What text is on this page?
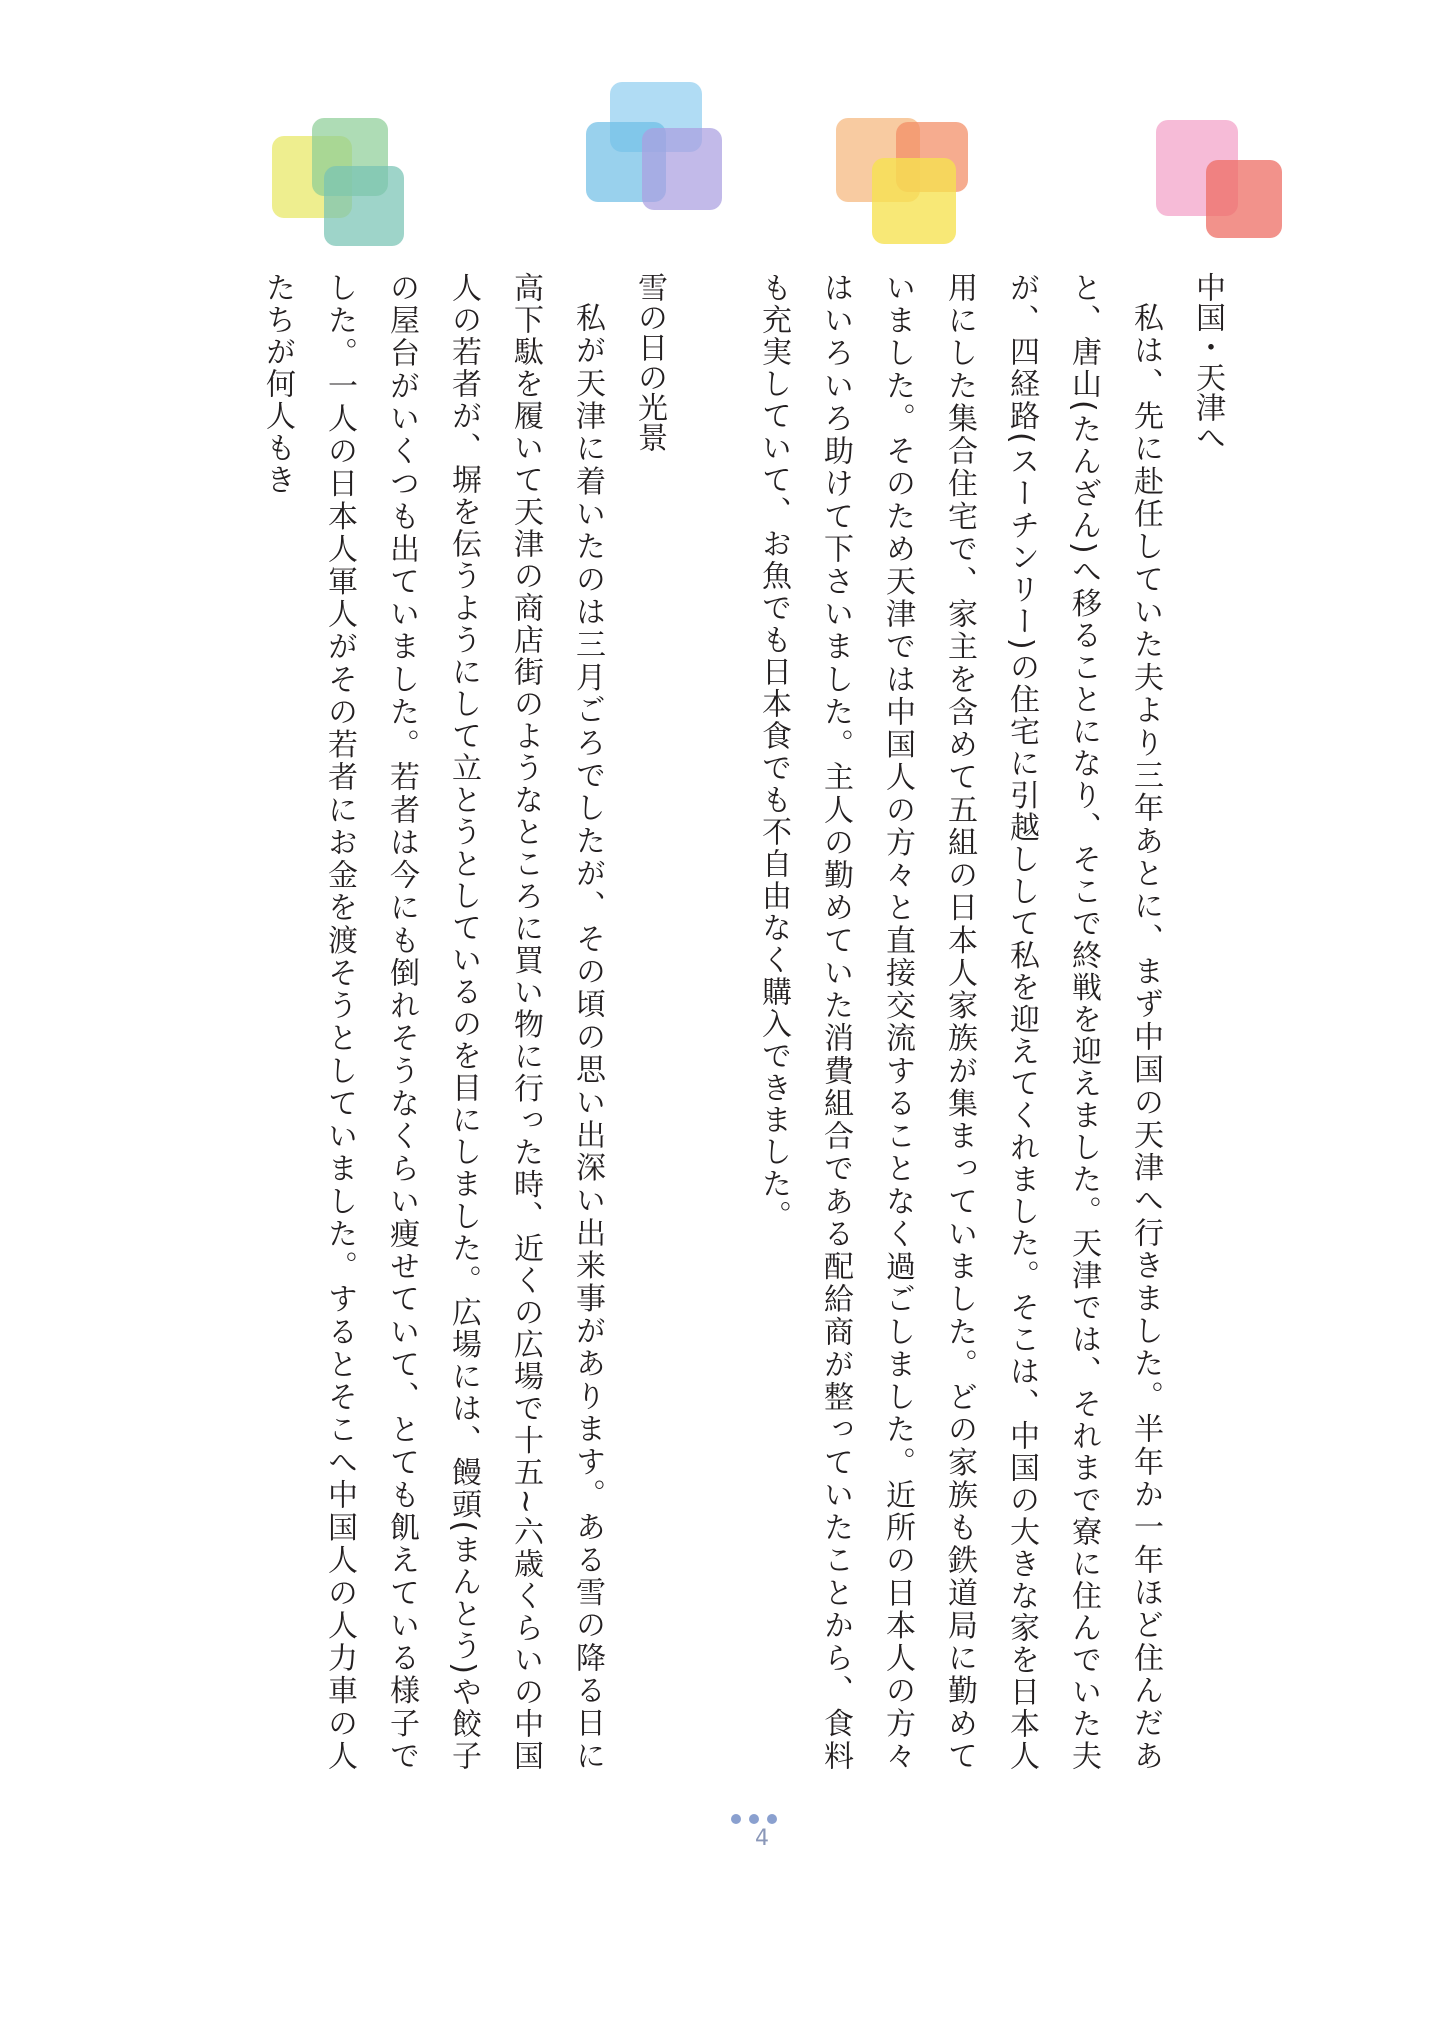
中国・天津へ

私は、先に赴任していた夫より三年あとに、まず中国の天津へ行きました。半年か一年ほど住んだあと、唐山(たんざん)へ移ることになり、そこで終戦を迎えました。天津では、それまで寮に住んでいた夫が、四経路(スーチンリー)の住宅に引越しして私を迎えてくれました。そこは、中国の大きな家を日本人用にした集合住宅で、家主を含めて五組の日本人家族が集まっていました。どの家族も鉄道局に勤めていました。そのため天津では中国人の方々と直接交流することなく過ごしました。近所の日本人の方々はいろいろ助けて下さいました。主人の勤めていた消費組合である配給商が整っていたことから、食料も充実していて、お魚でも日本食でも不自由なく購入できました。

雪の日の光景

私が天津に着いたのは三月ごろでしたが、その頃の思い出深い出来事があります。ある雪の降る日に高下駄を履いて天津の商店街のようなところに買い物に行った時、近くの広場で十五~六歳くらいの中国人の若者が、塀を伝うようにして立とうとしているのを目にしました。広場には、饅頭(まんとう)や餃子の屋台がいくつも出ていました。若者は今にも倒れそうなくらい痩せていて、とても飢えている様子でした。一人の日本人軍人がその若者にお金を渡そうとしていました。するとそこへ中国人の人力車の人たちが何人もき

4
